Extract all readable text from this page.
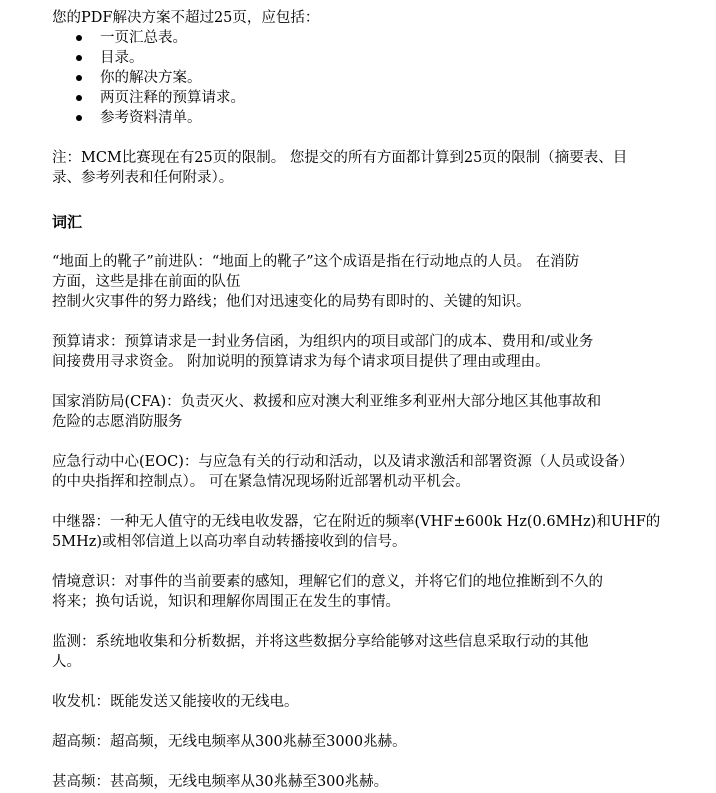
您的PDF解决方案不超过25页，应包括：

一页汇总表。
目录。
你的解决方案。
两页注释的预算请求。
参考资料清单。

注：MCM比赛现在有25页的限制。 您提交的所有方面都计算到25页的限制（摘要表、目

录、参考列表和任何附录）。

词汇

“地面上的靴子”前进队：“地面上的靴子”这个成语是指在行动地点的人员。 在消防

方面，这些是排在前面的队伍

控制火灾事件的努力路线；他们对迅速变化的局势有即时的、关键的知识。

预算请求：预算请求是一封业务信函，为组织内的项目或部门的成本、费用和/或业务

间接费用寻求资金。 附加说明的预算请求为每个请求项目提供了理由或理由。

国家消防局(CFA)：负责灭火、救援和应对澳大利亚维多利亚州大部分地区其他事故和

危险的志愿消防服务

应急行动中心(EOC)：与应急有关的行动和活动，以及请求激活和部署资源（人员或设备）

的中央指挥和控制点）。 可在紧急情况现场附近部署机动平机会。

中继器：一种无人值守的无线电收发器，它在附近的频率(VHF±600k Hz(0.6MHz)和UHF的

5MHz)或相邻信道上以高功率自动转播接收到的信号。

情境意识：对事件的当前要素的感知，理解它们的意义，并将它们的地位推断到不久的

将来；换句话说，知识和理解你周围正在发生的事情。

监测：系统地收集和分析数据，并将这些数据分享给能够对这些信息采取行动的其他

人。

收发机：既能发送又能接收的无线电。

超高频：超高频，无线电频率从300兆赫至3000兆赫。

甚高频：甚高频，无线电频率从30兆赫至300兆赫。
